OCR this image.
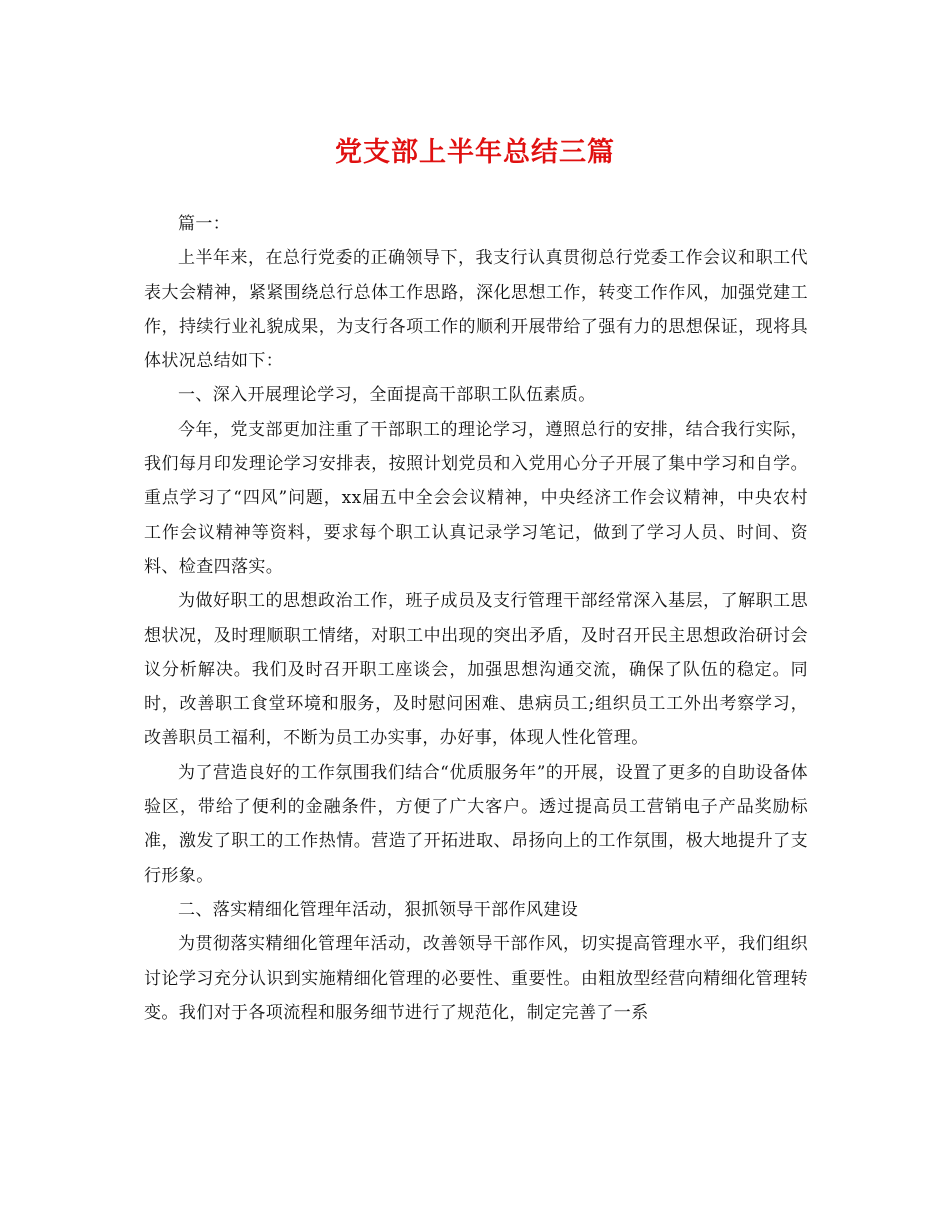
党支部上半年总结三篇

篇一：

上半年来，在总行党委的正确领导下，我支行认真贯彻总行党委工作会议和职工代表大会精神，紧紧围绕总行总体工作思路，深化思想工作，转变工作作风，加强党建工作，持续行业礼貌成果，为支行各项工作的顺利开展带给了强有力的思想保证，现将具体状况总结如下：

一、深入开展理论学习，全面提高干部职工队伍素质。

今年，党支部更加注重了干部职工的理论学习，遵照总行的安排，结合我行实际，我们每月印发理论学习安排表，按照计划党员和入党用心分子开展了集中学习和自学。重点学习了“四风”问题，xx届五中全会会议精神，中央经济工作会议精神，中央农村工作会议精神等资料，要求每个职工认真记录学习笔记，做到了学习人员、时间、资料、检查四落实。

为做好职工的思想政治工作，班子成员及支行管理干部经常深入基层，了解职工思想状况，及时理顺职工情绪，对职工中出现的突出矛盾，及时召开民主思想政治研讨会议分析解决。我们及时召开职工座谈会，加强思想沟通交流，确保了队伍的稳定。同时，改善职工食堂环境和服务，及时慰问困难、患病员工;组织员工工外出考察学习，改善职员工福利，不断为员工办实事，办好事，体现人性化管理。

为了营造良好的工作氛围我们结合“优质服务年”的开展，设置了更多的自助设备体验区，带给了便利的金融条件，方便了广大客户。透过提高员工营销电子产品奖励标准，激发了职工的工作热情。营造了开拓进取、昂扬向上的工作氛围，极大地提升了支行形象。

二、落实精细化管理年活动，狠抓领导干部作风建设

为贯彻落实精细化管理年活动，改善领导干部作风，切实提高管理水平，我们组织讨论学习充分认识到实施精细化管理的必要性、重要性。由粗放型经营向精细化管理转变。我们对于各项流程和服务细节进行了规范化，制定完善了一系
